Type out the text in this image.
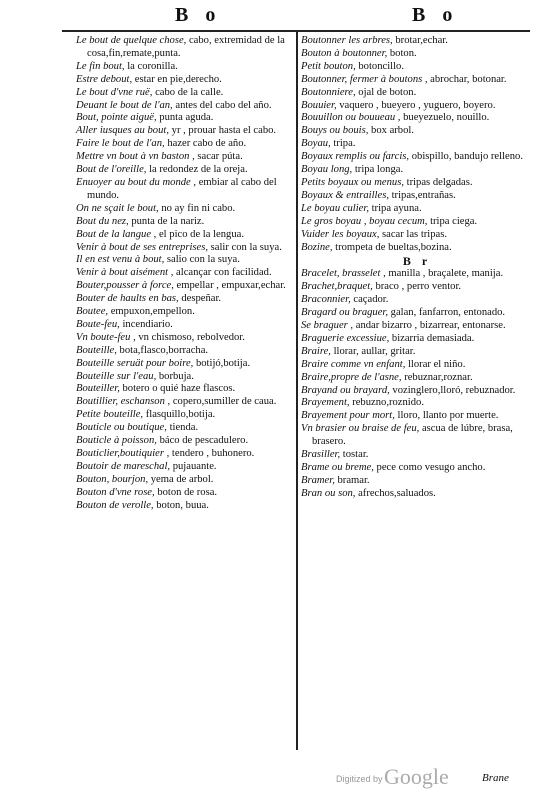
B o	B o

Le bout de quelque chose, cabo, extremidad de la cosa,fin,remate,punta.

Le fin bout, la coronilla.

Estre debout, estar en pie,derecho.

Le bout d'vne ruë, cabo de la calle.

Deuant le bout de l'an, antes del cabo del año.

Bout, pointe aiguë, punta aguda.

Aller iusques au bout, yr , prouar hasta el cabo.

Faire le bout de l'an, hazer cabo de año.

Mettre vn bout à vn baston , sacar púta.

Bout de l'oreille, la redondez de la oreja.

Enuoyer au bout du monde , embiar al cabo del mundo.

On ne sçait le bout, no ay fin ni cabo.

Bout du nez, punta de la nariz.

Bout de la langue , el pico de la lengua.

Venir à bout de ses entreprises, salir con la suya.

Il en est venu à bout, salio con la suya.

Venir à bout aisément , alcançar con facilidad.

Bouter,pousser à force, empellar , empuxar,echar.

Bouter de haults en bas, despeñar.

Boutee, empuxon,empellon.

Boute-feu, incendiario.

Vn boute-feu , vn chismoso, rebolvedor.

Bouteille, bota,flasco,borracha.

Bouteille seruät pour boire, botijó,botija.

Bouteille sur l'eau, borbuja.

Bouteiller, botero o quié haze flascos.

Boutillier, eschanson , copero,sumiller de caua.

Petite bouteille, flasquillo,botija.

Bouticle ou boutique, tienda.

Bouticle à poisson, báco de pescadulero.

Bouticlier,boutiquier , tendero , buhonero.

Boutoir de mareschal, pujauante.

Bouton, bourjon, yema de arbol.

Bouton d'vne rose, boton de rosa.

Bouton de verolle, boton, buua.

Boutonner les arbres, brotar,echar.

Bouton à boutonner, boton.

Petit bouton, botoncillo.

Boutonner, fermer à boutons , abrochar, botonar.

Boutonniere, ojal de boton.

Bouuier, vaquero , bueyero , yuguero, boyero.

Bouuillon ou bouueau , bueyezuelo, nouillo.

Bouys ou bouis, box arbol.

Boyau, tripa.

Boyaux remplis ou farcis, obispillo, bandujo relleno.

Boyau long, tripa longa.

Petits boyaux ou menus, tripas delgadas.

Boyaux & entrailles, tripas,entrañas.

Le boyau culier, tripa ayuna.

Le gros boyau , boyau cecum, tripa ciega.

Vuider les boyaux, sacar las tripas.

Bozine, trompeta de bueltas,bozina.

B r

Bracelet, brasselet , manilla , braçalete, manija.

Brachet,braquet, braco , perro ventor.

Braconnier, caçador.

Bragard ou braguer, galan, fanfarron, entonado.

Se braguer , andar bizarro , bizarrear, entonarse.

Braguerie excessiue, bizarria demasiada.

Braire, llorar, aullar, gritar.

Braire comme vn enfant, llorar el niño.

Braire,propre de l'asne, rebuznar,roznar.

Brayand ou brayard, vozinglero,lloró, rebuznador.

Brayement, rebuzno,roznido.

Brayement pour mort, lloro, llanto por muerte.

Vn brasier ou braise de feu, ascua de lúbre, brasa, brasero.

Brasiller, tostar.

Brame ou breme, pece como vesugo ancho.

Bramer, bramar.

Bran ou son, afrechos,saluados.

Digitized by Google	Brane
